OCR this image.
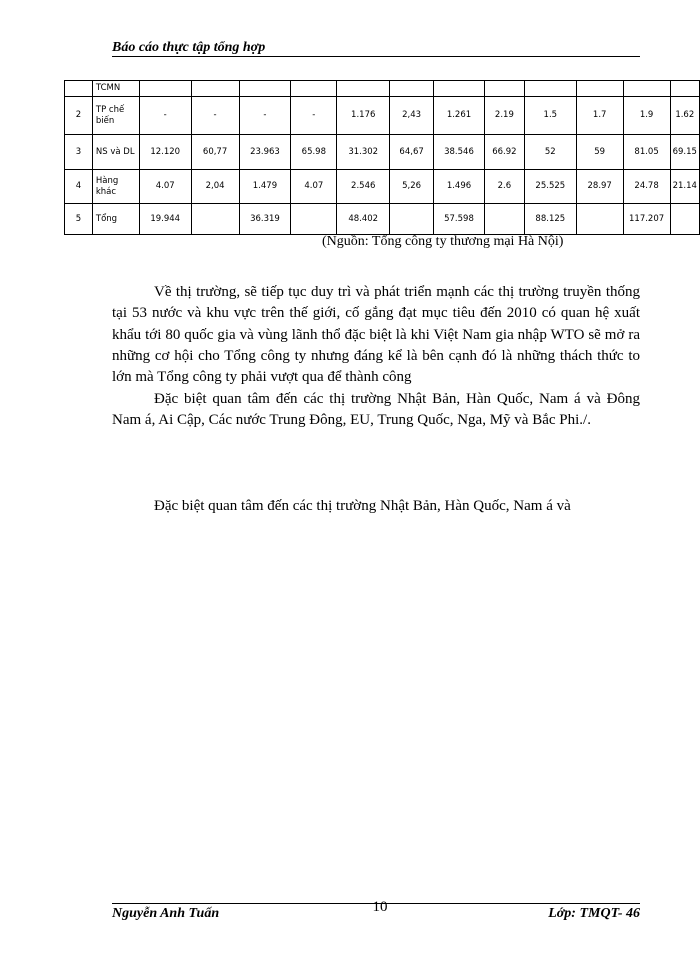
Báo cáo thực tập tổng hợp
	TCMN												
2	TP chế biến	-	-	-	-	1.176	2,43	1.261	2.19	1.5	1.7	1.9	1.62
3	NS và DL	12.120	60,77	23.963	65.98	31.302	64,67	38.546	66.92	52	59	81.05	69.15
4	Hàng khác	4.07	2,04	1.479	4.07	2.546	5,26	1.496	2.6	25.525	28.97	24.78	21.14
5	Tổng	19.944		36.319		48.402		57.598		88.125		117.207	
(Nguồn: Tổng công ty thương mại Hà Nội)

Về thị trường, sẽ tiếp tục duy trì và phát triển mạnh các thị trường truyền thống tại 53 nước và khu vực trên thế giới, cố gắng đạt mục tiêu đến 2010 có quan hệ xuất khẩu tới 80 quốc gia và vùng lãnh thổ đặc biệt là khi Việt Nam gia nhập WTO sẽ mở ra những cơ hội cho Tổng công ty nhưng đáng kể là bên cạnh đó là những thách thức to lớn mà Tổng công ty phải vượt qua để thành công

Đặc biệt quan tâm đến các thị trường Nhật Bản, Hàn Quốc, Nam á và Đông Nam á, Ai Cập, Các nước Trung Đông, EU, Trung Quốc, Nga, Mỹ và Bắc Phi./.

Đặc biệt quan tâm đến các thị trường Nhật Bản, Hàn Quốc, Nam á và

Nguyễn Anh Tuấn	10	Lớp: TMQT- 46
